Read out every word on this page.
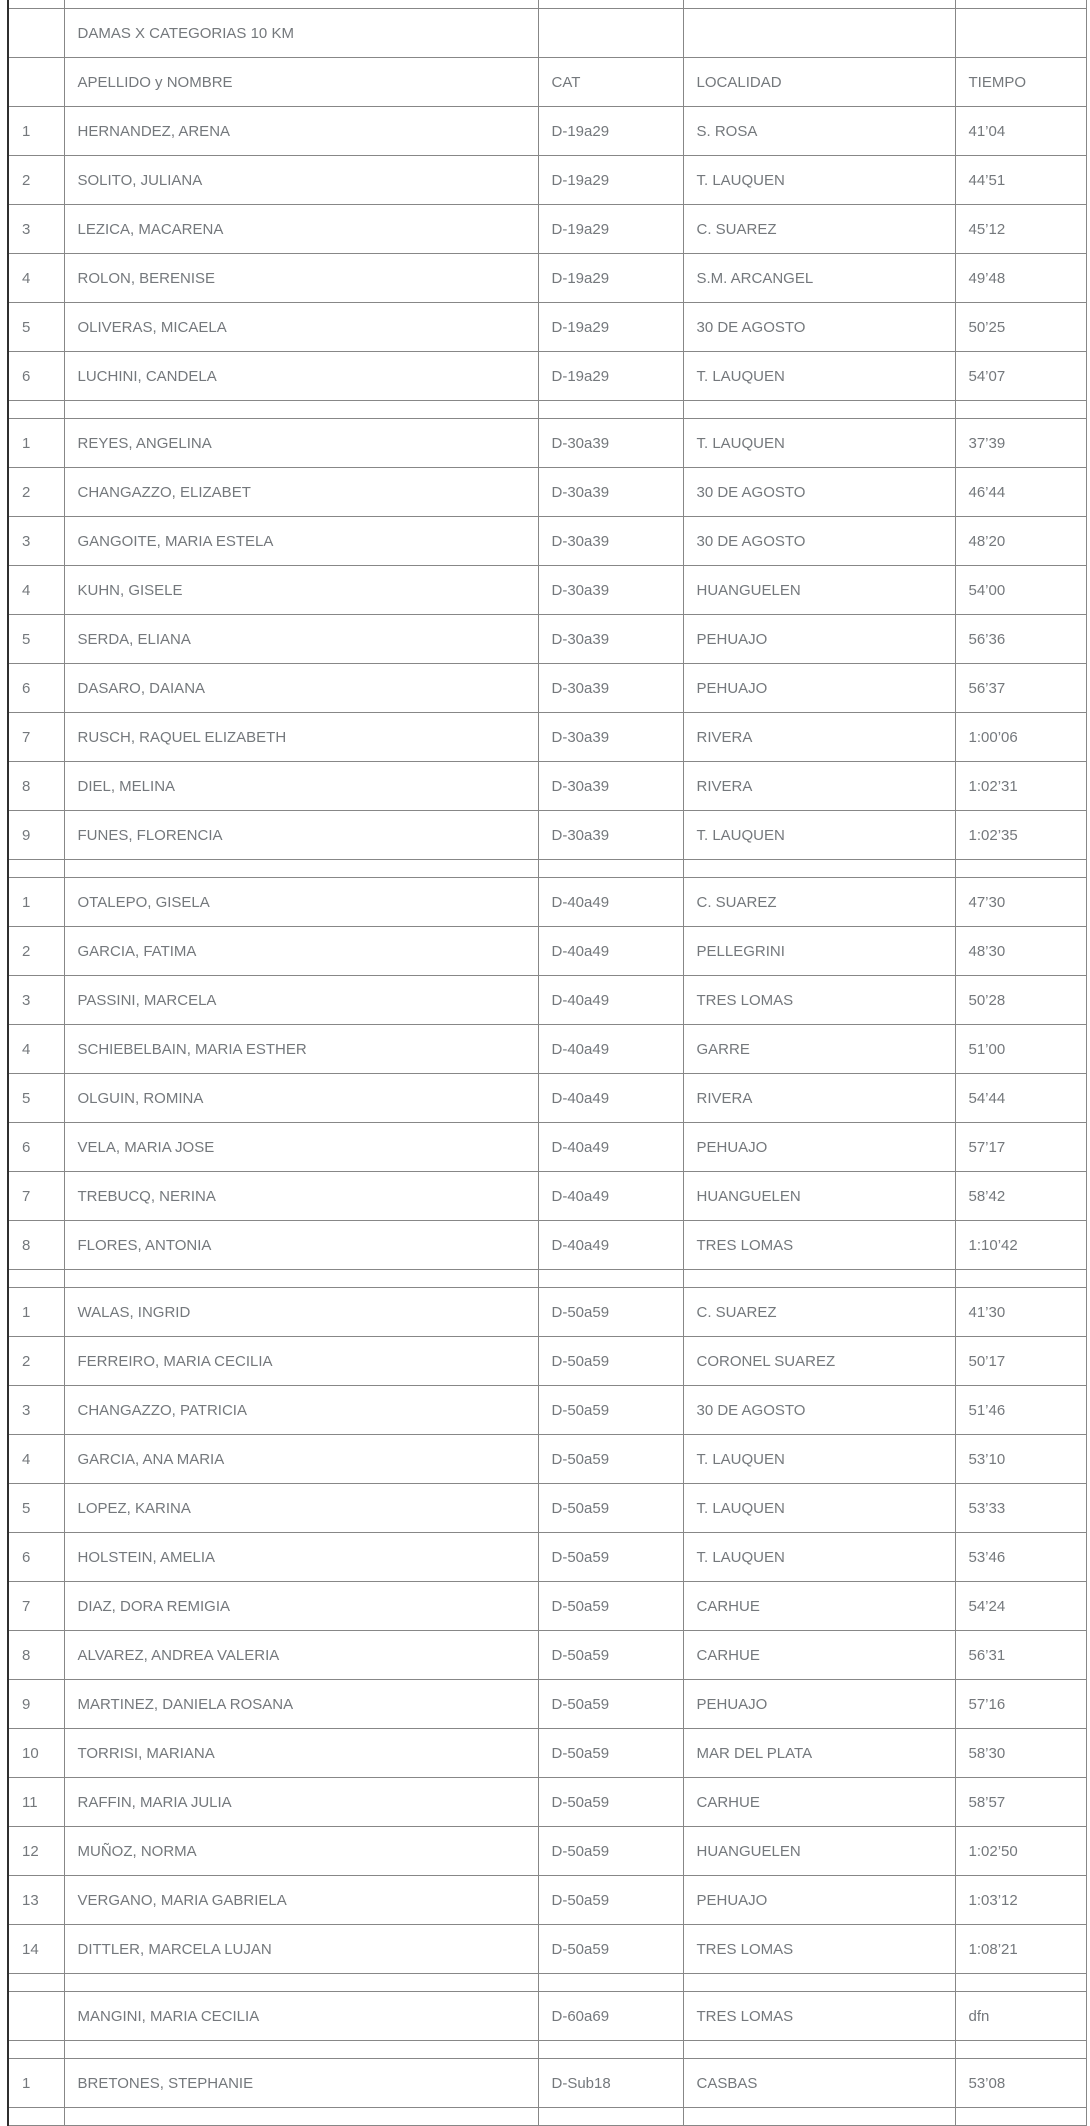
	DAMAS X CATEGORIAS 10 KM			
	APELLIDO y NOMBRE	CAT	LOCALIDAD	TIEMPO
1	HERNANDEZ, ARENA	D-19a29	S. ROSA	41’04
2	SOLITO, JULIANA	D-19a29	T. LAUQUEN	44’51
3	LEZICA, MACARENA	D-19a29	C. SUAREZ	45’12
4	ROLON, BERENISE	D-19a29	S.M. ARCANGEL	49’48
5	OLIVERAS, MICAELA	D-19a29	30 DE AGOSTO	50’25
6	LUCHINI, CANDELA	D-19a29	T. LAUQUEN	54’07

1	REYES, ANGELINA	D-30a39	T. LAUQUEN	37’39
2	CHANGAZZO, ELIZABET	D-30a39	30 DE AGOSTO	46’44
3	GANGOITE, MARIA ESTELA	D-30a39	30 DE AGOSTO	48’20
4	KUHN, GISELE	D-30a39	HUANGUELEN	54’00
5	SERDA, ELIANA	D-30a39	PEHUAJO	56’36
6	DASARO, DAIANA	D-30a39	PEHUAJO	56’37
7	RUSCH, RAQUEL ELIZABETH	D-30a39	RIVERA	1:00’06
8	DIEL, MELINA	D-30a39	RIVERA	1:02’31
9	FUNES, FLORENCIA	D-30a39	T. LAUQUEN	1:02’35

1	OTALEPO, GISELA	D-40a49	C. SUAREZ	47’30
2	GARCIA, FATIMA	D-40a49	PELLEGRINI	48’30
3	PASSINI, MARCELA	D-40a49	TRES LOMAS	50’28
4	SCHIEBELBAIN, MARIA ESTHER	D-40a49	GARRE	51’00
5	OLGUIN, ROMINA	D-40a49	RIVERA	54’44
6	VELA, MARIA JOSE	D-40a49	PEHUAJO	57’17
7	TREBUCQ, NERINA	D-40a49	HUANGUELEN	58’42
8	FLORES, ANTONIA	D-40a49	TRES LOMAS	1:10’42

1	WALAS, INGRID	D-50a59	C. SUAREZ	41’30
2	FERREIRO, MARIA CECILIA	D-50a59	CORONEL SUAREZ	50’17
3	CHANGAZZO, PATRICIA	D-50a59	30 DE AGOSTO	51’46
4	GARCIA, ANA MARIA	D-50a59	T. LAUQUEN	53’10
5	LOPEZ, KARINA	D-50a59	T. LAUQUEN	53’33
6	HOLSTEIN, AMELIA	D-50a59	T. LAUQUEN	53’46
7	DIAZ, DORA REMIGIA	D-50a59	CARHUE	54’24
8	ALVAREZ, ANDREA VALERIA	D-50a59	CARHUE	56’31
9	MARTINEZ, DANIELA ROSANA	D-50a59	PEHUAJO	57’16
10	TORRISI, MARIANA	D-50a59	MAR DEL PLATA	58’30
11	RAFFIN, MARIA JULIA	D-50a59	CARHUE	58’57
12	MUÑOZ, NORMA	D-50a59	HUANGUELEN	1:02’50
13	VERGANO, MARIA GABRIELA	D-50a59	PEHUAJO	1:03’12
14	DITTLER, MARCELA LUJAN	D-50a59	TRES LOMAS	1:08’21

	MANGINI, MARIA CECILIA	D-60a69	TRES LOMAS	dfn

1	BRETONES, STEPHANIE	D-Sub18	CASBAS	53’08
